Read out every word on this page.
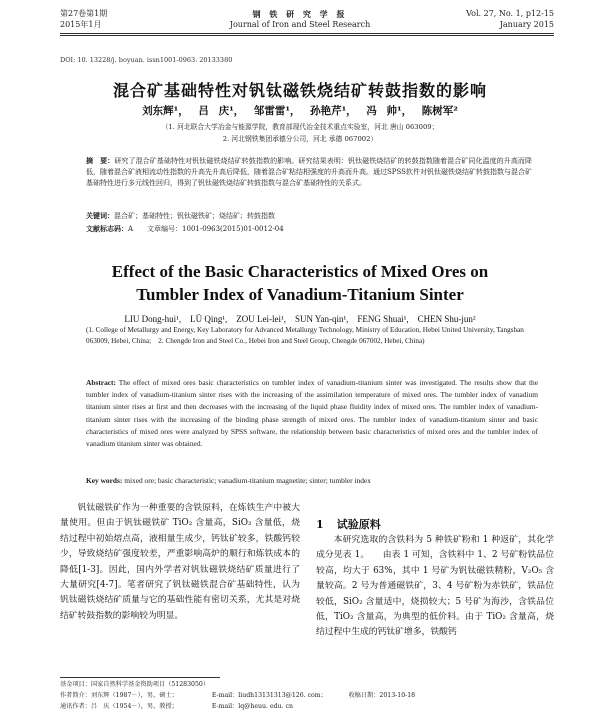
第27卷第1期
2015年1月
钢 铁 研 究 学 报
Journal of Iron and Steel Research
Vol. 27, No. 1, p12-15
January 2015
DOI: 10. 13228/j. boyuan. issn1001-0963. 20133380
混合矿基础特性对钒钛磁铁烧结矿转鼓指数的影响
刘东辉¹， 吕 庆¹， 邹雷雷¹， 孙艳芹¹， 冯 帅¹， 陈树军²
（1. 河北联合大学冶金与能源学院，教育部现代冶金技术重点实验室，河北 唐山 063009；
2. 河北钢铁集团承德分公司，河北 承德 067002）
摘　要：研究了混合矿基础特性对钒钛磁铁烧结矿转鼓指数的影响。研究结果表明：钒钛磁铁烧结矿的转鼓指数随着混合矿同化温度的升高而降低，随着混合矿液相流动性指数的升高先升高后降低，随着混合矿粘结相强度的升高而升高。通过SPSS软件对钒钛磁铁烧结矿转鼓指数与混合矿基础特性进行多元线性回归，得到了钒钛磁铁烧结矿转鼓指数与混合矿基础特性的关系式。
关键词：混合矿；基础特性；钒钛磁铁矿；烧结矿；转鼓指数
文献标志码：A　　文章编号：1001-0963(2015)01-0012-04
Effect of the Basic Characteristics of Mixed Ores on
Tumbler Index of Vanadium-Titanium Sinter
LIU Dong-hui¹,　LÜ Qing¹,　ZOU Lei-lei¹,　SUN Yan-qin¹,　FENG Shuai¹,　CHEN Shu-jun²
(1. College of Metallurgy and Energy, Key Laboratory for Advanced Metallurgy Technology, Ministry of Education, Hebei United University, Tangshan 063009, Hebei, China;　2. Chengde Iron and Steel Co., Hebei Iron and Steel Group, Chengde 067002, Hebei, China)
Abstract: The effect of mixed ores basic characteristics on tumbler index of vanadium-titanium sinter was investigated. The results show that the tumbler index of vanadium-titanium sinter rises with the increasing of the assimilation temperature of mixed ores. The tumbler index of vanadium titanium sinter rises at first and then decreases with the increasing of the liquid phase fluidity index of mixed ores. The tumbler index of vanadium-titanium sinter rises with the increasing of the binding phase strength of mixed ores. The tumbler index of vanadium-titanium sinter and basic characteristics of mixed ores were analyzed by SPSS software, the relationship between basic characteristics of mixed ores and the tumbler index of vanadium titanium sinter was obtained.
Key words: mixed ore; basic characteristic; vanadium-titanium magnetite; sinter; tumbler index
钒钛磁铁矿作为一种重要的含铁原料，在炼铁生产中被大量使用。但由于钒钛磁铁矿 TiO₂ 含量高，SiO₂ 含量低，烧结过程中初始熔点高，液相量生成少，钙钛矿较多，铁酸钙较少，导致烧结矿强度较差，严重影响高炉的顺行和炼铁成本的降低[1-3]。因此，国内外学者对钒钛磁铁烧结矿质量进行了大量研究[4-7]。笔者研究了钒钛磁铁混合矿基础特性，认为钒钛磁铁烧结矿质量与它的基础性能有密切关系，尤其是对烧结矿转鼓指数的影响较为明显。
1 试验原料
本研究选取的含铁料为 5 种铁矿粉和 1 种返矿，其化学成分见表 1。　　由表 1 可知，含铁料中 1、2 号矿粉铁品位较高，均大于 63%，其中 1 号矿为钒钛磁铁精粉，V₂O₅ 含量较高。2 号为普通磁铁矿，3、4 号矿粉为赤铁矿，铁品位较低，SiO₂ 含量适中，烧损较大；5 号矿为海沙，含铁品位低，TiO₂ 含量高，为典型的低价料。由于 TiO₂ 含量高，烧结过程中生成的钙钛矿增多，铁酸钙
基金项目：国家自然科学基金资助项目（51283050）
作者简介：刘东辉（1987－），男，硕士；　　　　　　E-mail：liudh13131313@126. com；　　　　收稿日期：2013-10-18
通讯作者：吕　庆（1954－），男，教授；　　　　　　E-mail：lq@heuu. edu. cn
